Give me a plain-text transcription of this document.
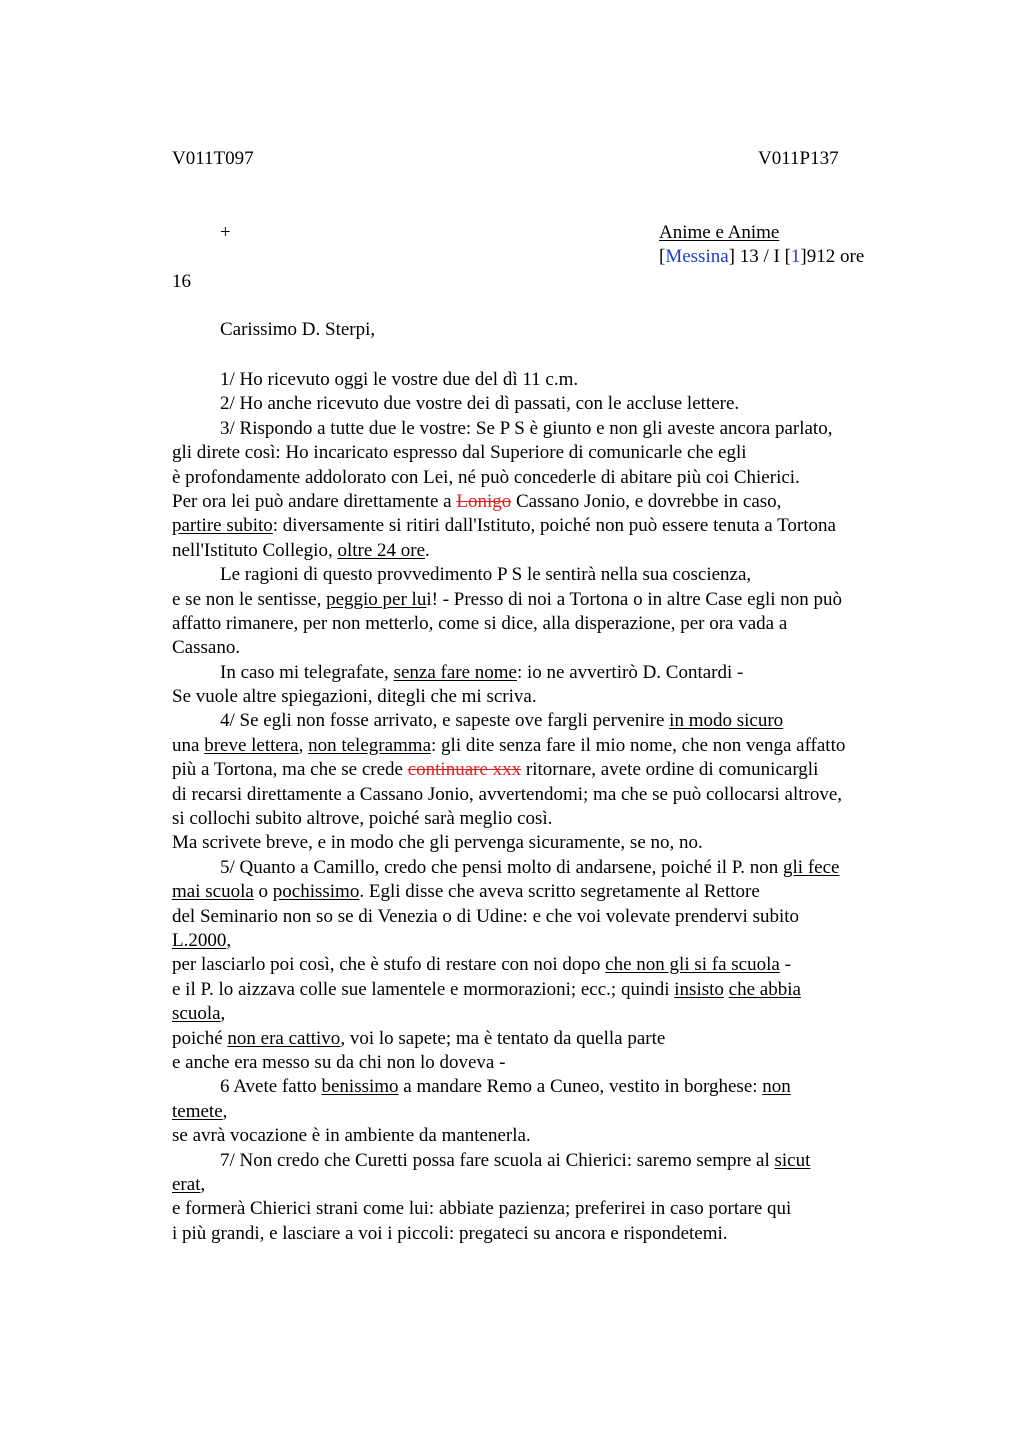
V011T097	V011P137
+	Anime e Anime
[Messina] 13 / I [1]912 ore
16
Carissimo D. Sterpi,
1/ Ho ricevuto oggi le vostre due del dì 11 c.m.
2/ Ho anche ricevuto due vostre dei dì passati, con le accluse lettere.
3/ Rispondo a tutte due le vostre: Se P S è giunto e non gli aveste ancora parlato,
gli direte così: Ho incaricato espresso dal Superiore di comunicarle che egli
è profondamente addolorato con Lei, né può concederle di abitare più coi Chierici.
Per ora lei può andare direttamente a Lonigo Cassano Jonio, e dovrebbe in caso,
partire subito: diversamente si ritiri dall'Istituto, poiché non può essere tenuta a Tortona
nell'Istituto Collegio, oltre 24 ore.
Le ragioni di questo provvedimento P S le sentirà nella sua coscienza,
e se non le sentisse, peggio per lui! - Presso di noi a Tortona o in altre Case egli non può
affatto rimanere, per non metterlo, come si dice, alla disperazione, per ora vada a
Cassano.
In caso mi telegrafate, senza fare nome: io ne avvertirò D. Contardi -
Se vuole altre spiegazioni, ditegli che mi scriva.
4/ Se egli non fosse arrivato, e sapeste ove fargli pervenire in modo sicuro
una breve lettera, non telegramma: gli dite senza fare il mio nome, che non venga affatto
più a Tortona, ma che se crede continuare xxx ritornare, avete ordine di comunicargli
di recarsi direttamente a Cassano Jonio, avvertendomi; ma che se può collocarsi altrove,
si collochi subito altrove, poiché sarà meglio così.
Ma scrivete breve, e in modo che gli pervenga sicuramente, se no, no.
5/ Quanto a Camillo, credo che pensi molto di andarsene, poiché il P. non gli fece
mai scuola o pochissimo. Egli disse che aveva scritto segretamente al Rettore
del Seminario non so se di Venezia o di Udine: e che voi volevate prendervi subito
L.2000,
per lasciarlo poi così, che è stufo di restare con noi dopo che non gli si fa scuola -
e il P. lo aizzava colle sue lamentele e mormorazioni; ecc.; quindi insisto che abbia
scuola,
poiché non era cattivo, voi lo sapete; ma è tentato da quella parte
e anche era messo su da chi non lo doveva -
6 Avete fatto benissimo a mandare Remo a Cuneo, vestito in borghese: non
temete,
se avrà vocazione è in ambiente da mantenerla.
7/ Non credo che Curetti possa fare scuola ai Chierici: saremo sempre al sicut
erat,
e formerà Chierici strani come lui: abbiate pazienza; preferirei in caso portare qui
i più grandi, e lasciare a voi i piccoli: pregateci su ancora e rispondetemi.
